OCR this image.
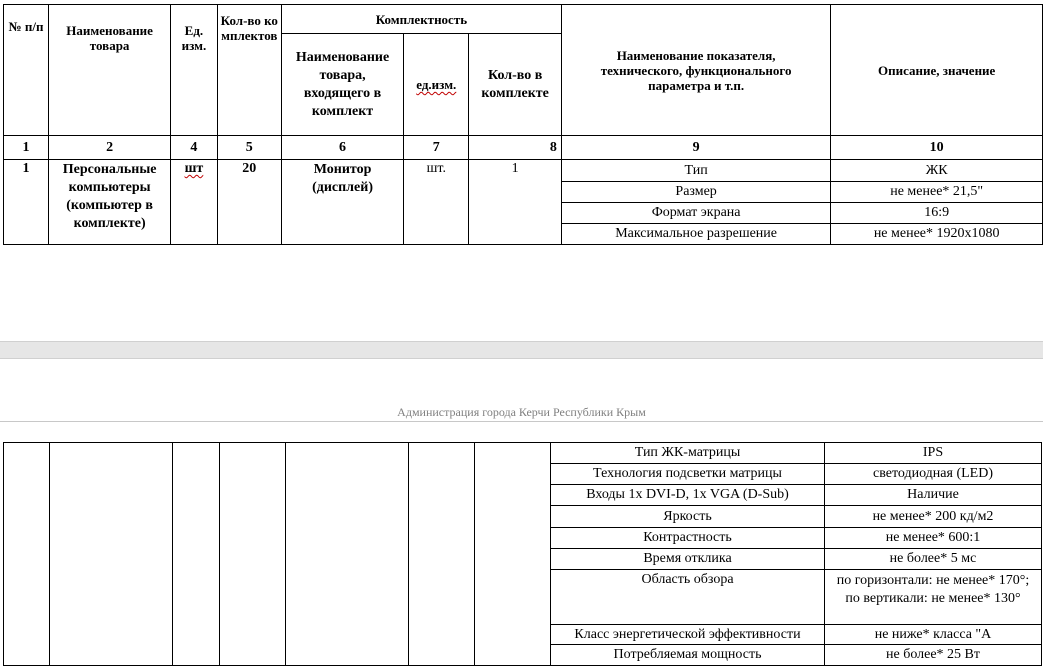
№ п/п	Наименование товара	Ед. изм.	Кол-во комплектов	Комплектность			Наименование показателя, технического, функционального параметра и т.п.	Описание, значение
				Наименование товара, входящего в комплект	ед.изм.	Кол-во в комплекте		
1	2	4	5	6	7	8	9	10
1	Персональные компьютеры (компьютер в комплекте)	шт	20	Монитор (дисплей)	шт.	1	Тип	ЖК
							Размер	не менее* 21,5"
							Формат экрана	16:9
							Максимальное разрешение	не менее* 1920x1080
Администрация города Керчи Республики Крым
							Тип ЖК-матрицы	IPS
							Технология подсветки матрицы	светодиодная (LED)
							Входы 1x DVI-D, 1x VGA (D-Sub)	Наличие
							Яркость	не менее* 200 кд/м2
							Контрастность	не менее* 600:1
							Время отклика	не более* 5 мс
							Область обзора	по горизонтали: не менее* 170°; по вертикали: не менее* 130°
							Класс энергетической эффективности	не ниже* класса "А
							Потребляемая мощность	не более* 25 Вт
